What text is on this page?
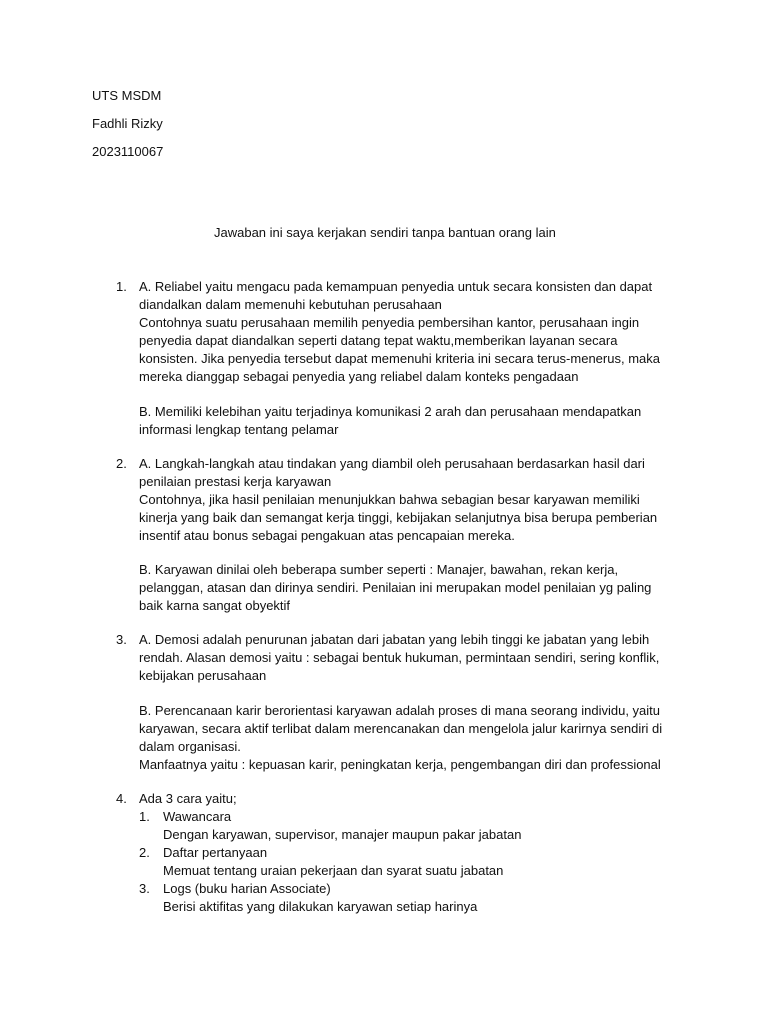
UTS MSDM
Fadhli Rizky
2023110067
Jawaban ini saya kerjakan sendiri tanpa bantuan orang lain
1. A. Reliabel yaitu mengacu pada kemampuan penyedia untuk secara konsisten dan dapat
diandalkan dalam memenuhi kebutuhan perusahaan
Contohnya suatu perusahaan memilih penyedia pembersihan kantor, perusahaan ingin
penyedia dapat diandalkan seperti datang tepat waktu,memberikan layanan secara
konsisten. Jika penyedia tersebut dapat memenuhi kriteria ini secara terus-menerus, maka
mereka dianggap sebagai penyedia yang reliabel dalam konteks pengadaan
B. Memiliki kelebihan yaitu terjadinya komunikasi 2 arah dan perusahaan mendapatkan
informasi lengkap tentang pelamar
2. A. Langkah-langkah atau tindakan yang diambil oleh perusahaan berdasarkan hasil dari
penilaian prestasi kerja karyawan
Contohnya, jika hasil penilaian menunjukkan bahwa sebagian besar karyawan memiliki
kinerja yang baik dan semangat kerja tinggi, kebijakan selanjutnya bisa berupa pemberian
insentif atau bonus sebagai pengakuan atas pencapaian mereka.
B. Karyawan dinilai oleh beberapa sumber seperti : Manajer, bawahan, rekan kerja,
pelanggan, atasan dan dirinya sendiri. Penilaian ini merupakan model penilaian yg paling
baik karna sangat obyektif
3. A. Demosi adalah penurunan jabatan dari jabatan yang lebih tinggi ke jabatan yang lebih
rendah. Alasan demosi yaitu : sebagai bentuk hukuman, permintaan sendiri, sering konflik,
kebijakan perusahaan
B. Perencanaan karir berorientasi karyawan adalah proses di mana seorang individu, yaitu
karyawan, secara aktif terlibat dalam merencanakan dan mengelola jalur karirnya sendiri di
dalam organisasi.
Manfaatnya yaitu : kepuasan karir, peningkatan kerja, pengembangan diri dan professional
4. Ada 3 cara yaitu;
1. Wawancara
Dengan karyawan, supervisor, manajer maupun pakar jabatan
2. Daftar pertanyaan
Memuat tentang uraian pekerjaan dan syarat suatu jabatan
3. Logs (buku harian Associate)
Berisi aktifitas yang dilakukan karyawan setiap harinya
